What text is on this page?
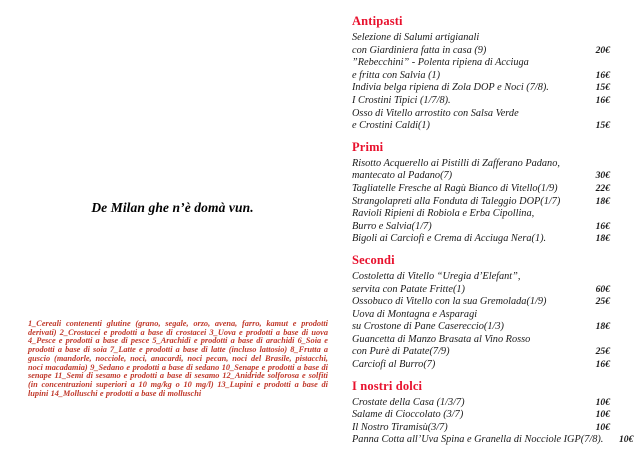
De Milan ghe n’è domà vun.
1_Cereali contenenti glutine (grano, segale, orzo, avena, farro, kamut e prodotti derivati) 2_Crostacei e prodotti a base di crostacei 3_Uova e prodotti a base di uova 4_Pesce e prodotti a base di pesce 5_Arachidi e prodotti a base di arachidi 6_Soia e prodotti a base di soia 7_Latte e prodotti a base di latte (incluso lattosio) 8_Frutta a guscio (mandorle, nocciole, noci, anacardi, noci pecan, noci del Brasile, pistacchi, noci macadamia) 9_Sedano e prodotti a base di sedano 10_Senape e prodotti a base di senape 11_Semi di sesamo e prodotti a base di sesamo 12_Anidride solforosa e solfiti (in concentrazioni superiori a 10 mg/kg o 10 mg/l) 13_Lupini e prodotti a base di lupini 14_Molluschi e prodotti a base di molluschi
Antipasti
Selezione di Salumi artigianali
con Giardiniera fatta in casa (9)	20€
”Rebecchini” - Polenta ripiena di Acciuga
e fritta con Salvia (1)	16€
Indivia belga ripiena di Zola DOP e Noci (7/8).	15€
I Crostini Tipici (1/7/8).	16€
Osso di Vitello arrostito con Salsa Verde
e Crostini Caldi(1)	15€
Primi
Risotto Acquerello ai Pistilli di Zafferano Padano,
mantecato al Padano(7)	30€
Tagliatelle Fresche al Ragù Bianco di Vitello(1/9)	22€
Strangolapreti alla Fonduta di Taleggio DOP(1/7)	18€
Ravioli Ripieni di Robiola e Erba Cipollina,
Burro e Salvia(1/7)	16€
Bigoli ai Carciofi e Crema di Acciuga Nera(1).	18€
Secondi
Costoletta di Vitello “Uregia d’Elefant”,
servita con Patate Fritte(1)	60€
Ossobuco di Vitello con la sua Gremolada(1/9)	25€
Uova di Montagna e Asparagi
su Crostone di Pane Casereccio(1/3)	18€
Guancetta di Manzo Brasata al Vino Rosso
con Purè di Patate(7/9)	25€
Carciofi al Burro(7)	16€
I nostri dolci
Crostate della Casa (1/3/7)	10€
Salame di Cioccolato (3/7)	10€
Il Nostro Tiramisù(3/7)	10€
Panna Cotta all’Uva Spina e Granella di Nocciole IGP(7/8).	10€
